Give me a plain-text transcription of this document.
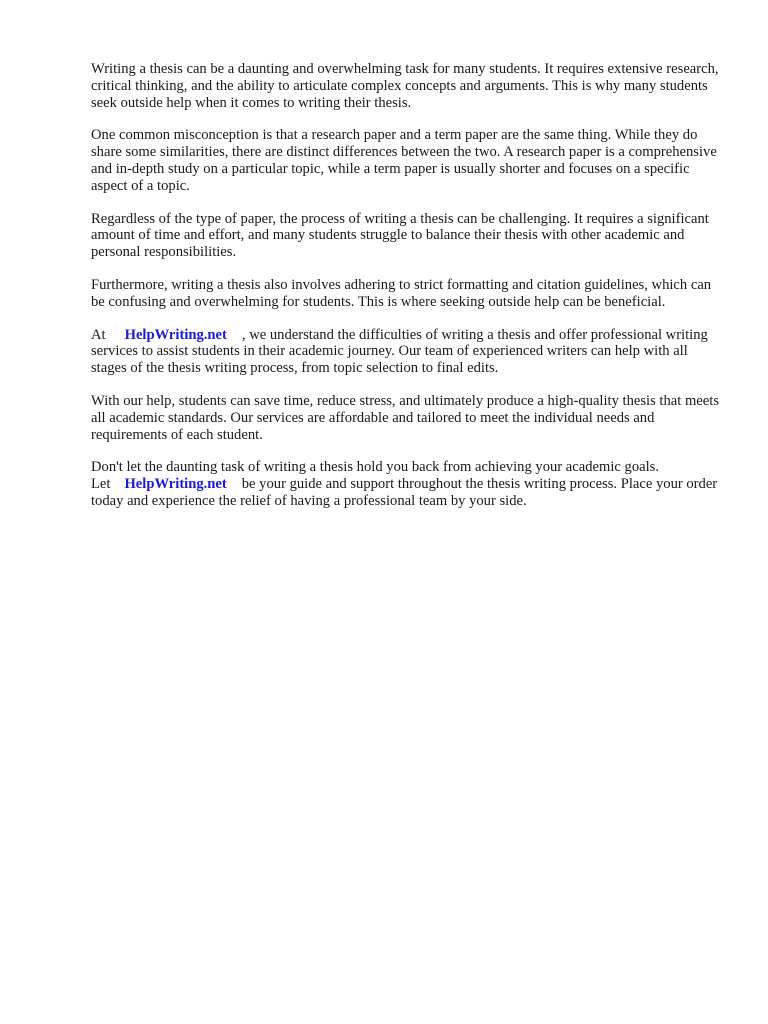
Writing a thesis can be a daunting and overwhelming task for many students. It requires extensive research, critical thinking, and the ability to articulate complex concepts and arguments. This is why many students seek outside help when it comes to writing their thesis.

One common misconception is that a research paper and a term paper are the same thing. While they do share some similarities, there are distinct differences between the two. A research paper is a comprehensive and in-depth study on a particular topic, while a term paper is usually shorter and focuses on a specific aspect of a topic.

Regardless of the type of paper, the process of writing a thesis can be challenging. It requires a significant amount of time and effort, and many students struggle to balance their thesis with other academic and personal responsibilities.

Furthermore, writing a thesis also involves adhering to strict formatting and citation guidelines, which can be confusing and overwhelming for students. This is where seeking outside help can be beneficial.

At HelpWriting.net , we understand the difficulties of writing a thesis and offer professional writing services to assist students in their academic journey. Our team of experienced writers can help with all stages of the thesis writing process, from topic selection to final edits.

With our help, students can save time, reduce stress, and ultimately produce a high-quality thesis that meets all academic standards. Our services are affordable and tailored to meet the individual needs and requirements of each student.

Don't let the daunting task of writing a thesis hold you back from achieving your academic goals. Let HelpWriting.net be your guide and support throughout the thesis writing process. Place your order today and experience the relief of having a professional team by your side.
